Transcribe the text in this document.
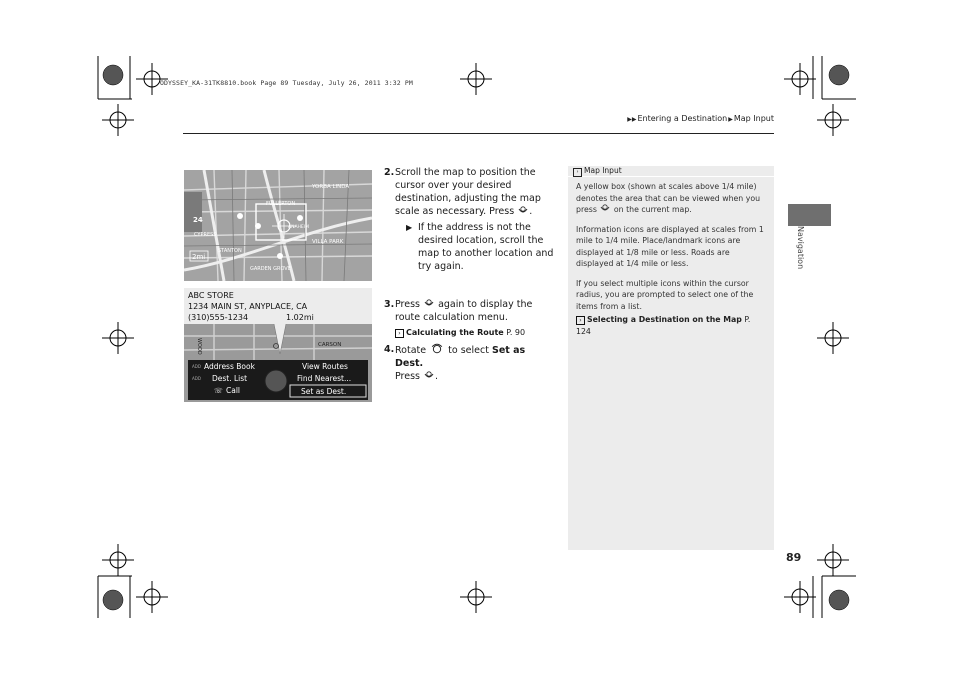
ODYSSEY_KA-31TK8810.book Page 89 Tuesday, July 26, 2011 3:32 PM
▶▶Entering a Destination▶Map Input
Navigation
YORBA LINDA
FULLERTON
ANAHEIM
CYPRESS
STANTON
VILLA PARK
GARDEN GROVE
2mi
24
CARSON
WOOD
ABC STORE
1234 MAIN ST, ANYPLACE, CA
(310)555-1234	1.02mi
ADD Address Book
ADD Dest. List
☏ Call
View Routes
Find Nearest...
Set as Dest.
2. Scroll the map to position the cursor over your desired destination, adjusting the map scale as necessary. Press .
▶ If the address is not the desired location, scroll the map to another location and try again.
3. Press again to display the route calculation menu.
› Calculating the Route P. 90
4. Rotate to select Set as Dest.
Press .
› Map Input

A yellow box (shown at scales above 1/4 mile) denotes the area that can be viewed when you press on the current map.

Information icons are displayed at scales from 1 mile to 1/4 mile. Place/landmark icons are displayed at 1/8 mile or less. Roads are displayed at 1/4 mile or less.

If you select multiple icons within the cursor radius, you are prompted to select one of the items from a list.

› Selecting a Destination on the Map P. 124
89
